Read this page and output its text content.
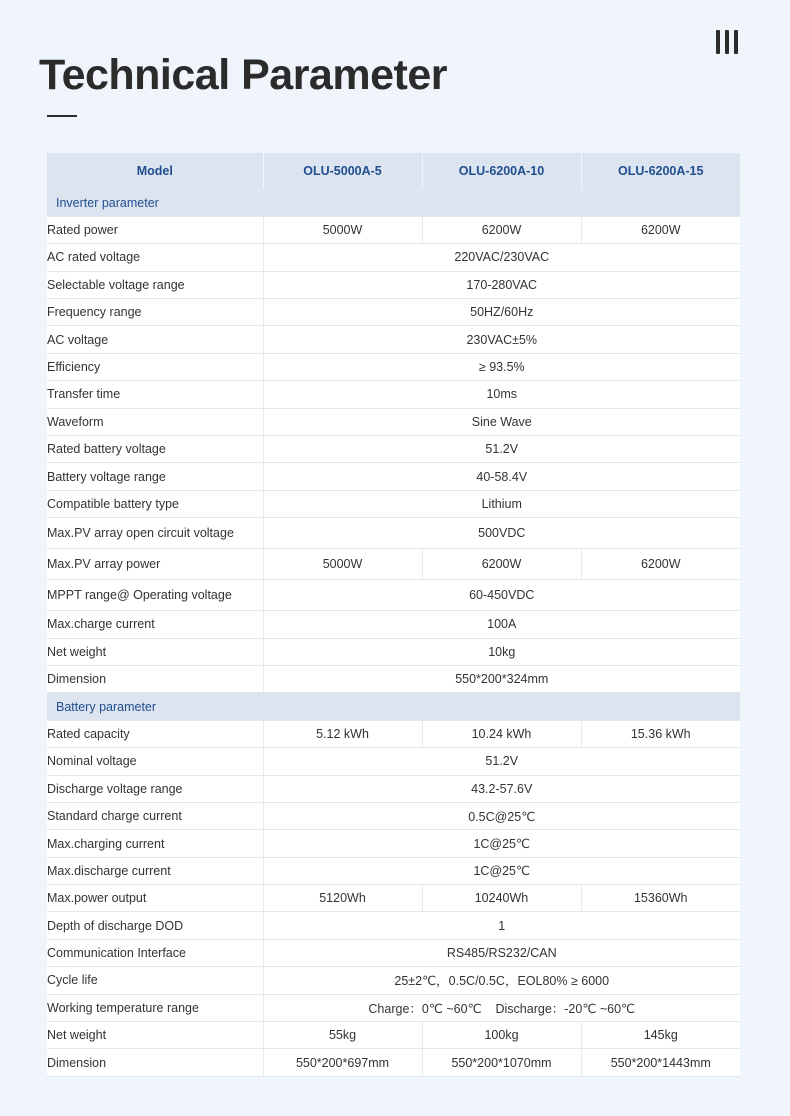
Technical Parameter
Model	OLU-5000A-5	OLU-6200A-10	OLU-6200A-15
Inverter parameter			
Rated power	5000W	6200W	6200W
AC rated voltage	220VAC/230VAC		
Selectable voltage range	170-280VAC		
Frequency range	50HZ/60Hz		
AC voltage	230VAC±5%		
Efficiency	≥ 93.5%		
Transfer time	10ms		
Waveform	Sine Wave		
Rated battery voltage	51.2V		
Battery voltage range	40-58.4V		
Compatible battery type	Lithium		
Max.PV array open circuit voltage	500VDC		
Max.PV array power	5000W	6200W	6200W
MPPT range@ Operating voltage	60-450VDC		
Max.charge current	100A		
Net weight	10kg		
Dimension	550*200*324mm		
Battery parameter			
Rated capacity	5.12 kWh	10.24 kWh	15.36 kWh
Nominal voltage	51.2V		
Discharge voltage range	43.2-57.6V		
Standard charge current	0.5C@25℃		
Max.charging current	1C@25℃		
Max.discharge current	1C@25℃		
Max.power output	5120Wh	10240Wh	15360Wh
Depth of discharge DOD	1		
Communication Interface	RS485/RS232/CAN		
Cycle life	25±2℃，0.5C/0.5C，EOL80% ≥ 6000		
Working temperature range	Charge：0℃ ~60℃    Discharge：-20℃ ~60℃		
Net weight	55kg	100kg	145kg
Dimension	550*200*697mm	550*200*1070mm	550*200*1443mm
